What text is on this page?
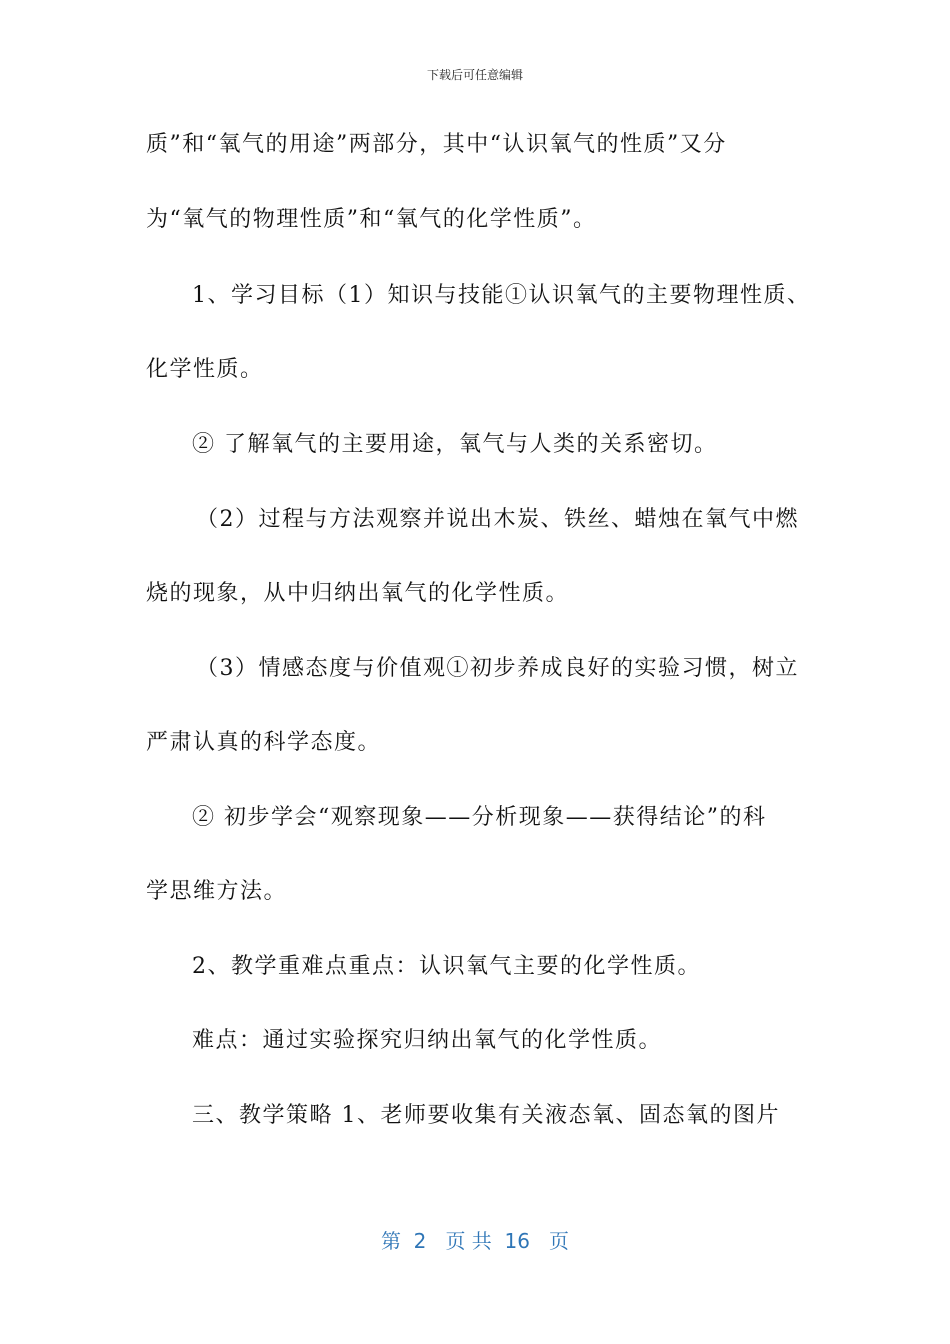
下载后可任意编辑
质”和“氧气的用途”两部分，其中“认识氧气的性质”又分
为“氧气的物理性质”和“氧气的化学性质”。
1、学习目标（1）知识与技能①认识氧气的主要物理性质、
化学性质。
② 了解氧气的主要用途，氧气与人类的关系密切。
（2）过程与方法观察并说出木炭、铁丝、蜡烛在氧气中燃
烧的现象，从中归纳出氧气的化学性质。
（3）情感态度与价值观①初步养成良好的实验习惯，树立
严肃认真的科学态度。
② 初步学会“观察现象——分析现象——获得结论”的科
学思维方法。
2、教学重难点重点：认识氧气主要的化学性质。
难点：通过实验探究归纳出氧气的化学性质。
三、教学策略 1、老师要收集有关液态氧、固态氧的图片
第  2   页 共  16   页
